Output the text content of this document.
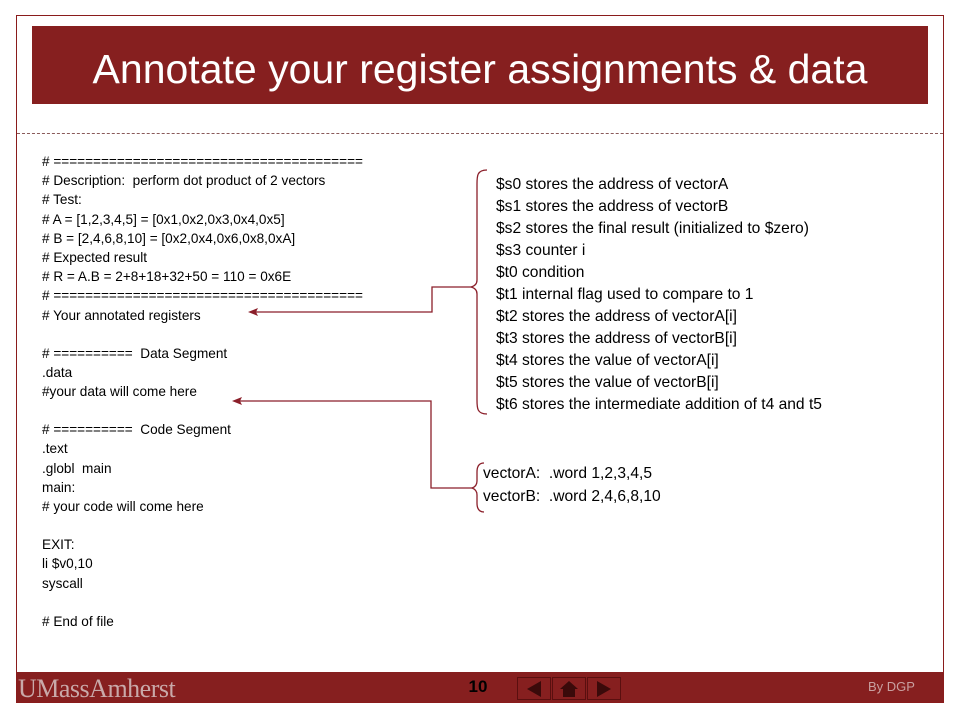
Annotate your register assignments & data
# =======================================
# Description:  perform dot product of 2 vectors
# Test:
# A = [1,2,3,4,5] = [0x1,0x2,0x3,0x4,0x5]
# B = [2,4,6,8,10] = [0x2,0x4,0x6,0x8,0xA]
# Expected result
# R = A.B = 2+8+18+32+50 = 110 = 0x6E
# =======================================
# Your annotated registers
# ==========  Data Segment
.data
#your data will come here
# ==========  Code Segment
.text
.globl  main
main:
# your code will come here
EXIT:
li $v0,10
syscall
# End of file
$s0 stores the address of vectorA
$s1 stores the address of vectorB
$s2 stores the final result (initialized to $zero)
$s3 counter i
$t0 condition
$t1 internal flag used to compare to 1
$t2 stores the address of vectorA[i]
$t3 stores the address of vectorB[i]
$t4 stores the value of vectorA[i]
$t5 stores the value of vectorB[i]
$t6 stores the intermediate addition of t4 and t5
vectorA:  .word 1,2,3,4,5
vectorB:  .word 2,4,6,8,10
UMassAmherst	10	By DGP
